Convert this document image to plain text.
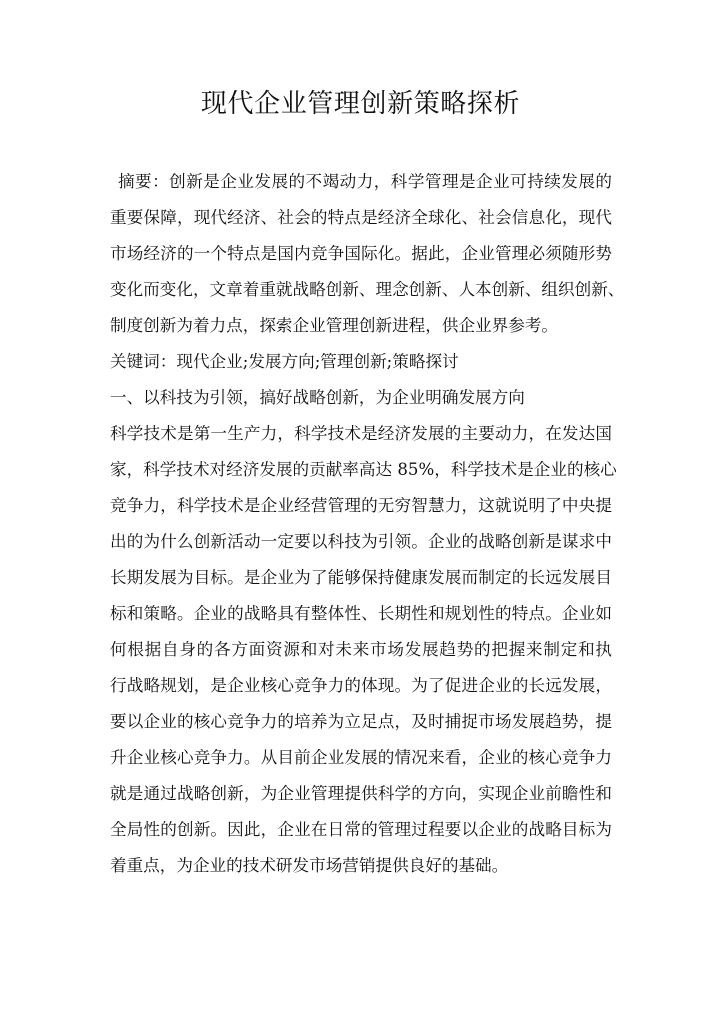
现代企业管理创新策略探析
摘要：创新是企业发展的不竭动力，科学管理是企业可持续发展的
重要保障，现代经济、社会的特点是经济全球化、社会信息化，现代
市场经济的一个特点是国内竞争国际化。据此，企业管理必须随形势
变化而变化，文章着重就战略创新、理念创新、人本创新、组织创新、
制度创新为着力点，探索企业管理创新进程，供企业界参考。
关键词：现代企业;发展方向;管理创新;策略探讨
一、以科技为引领，搞好战略创新，为企业明确发展方向
科学技术是第一生产力，科学技术是经济发展的主要动力，在发达国
家，科学技术对经济发展的贡献率高达 85%，科学技术是企业的核心
竞争力，科学技术是企业经营管理的无穷智慧力，这就说明了中央提
出的为什么创新活动一定要以科技为引领。企业的战略创新是谋求中
长期发展为目标。是企业为了能够保持健康发展而制定的长远发展目
标和策略。企业的战略具有整体性、长期性和规划性的特点。企业如
何根据自身的各方面资源和对未来市场发展趋势的把握来制定和执
行战略规划，是企业核心竞争力的体现。为了促进企业的长远发展，
要以企业的核心竞争力的培养为立足点，及时捕捉市场发展趋势，提
升企业核心竞争力。从目前企业发展的情况来看，企业的核心竞争力
就是通过战略创新，为企业管理提供科学的方向，实现企业前瞻性和
全局性的创新。因此，企业在日常的管理过程要以企业的战略目标为
着重点，为企业的技术研发市场营销提供良好的基础。
